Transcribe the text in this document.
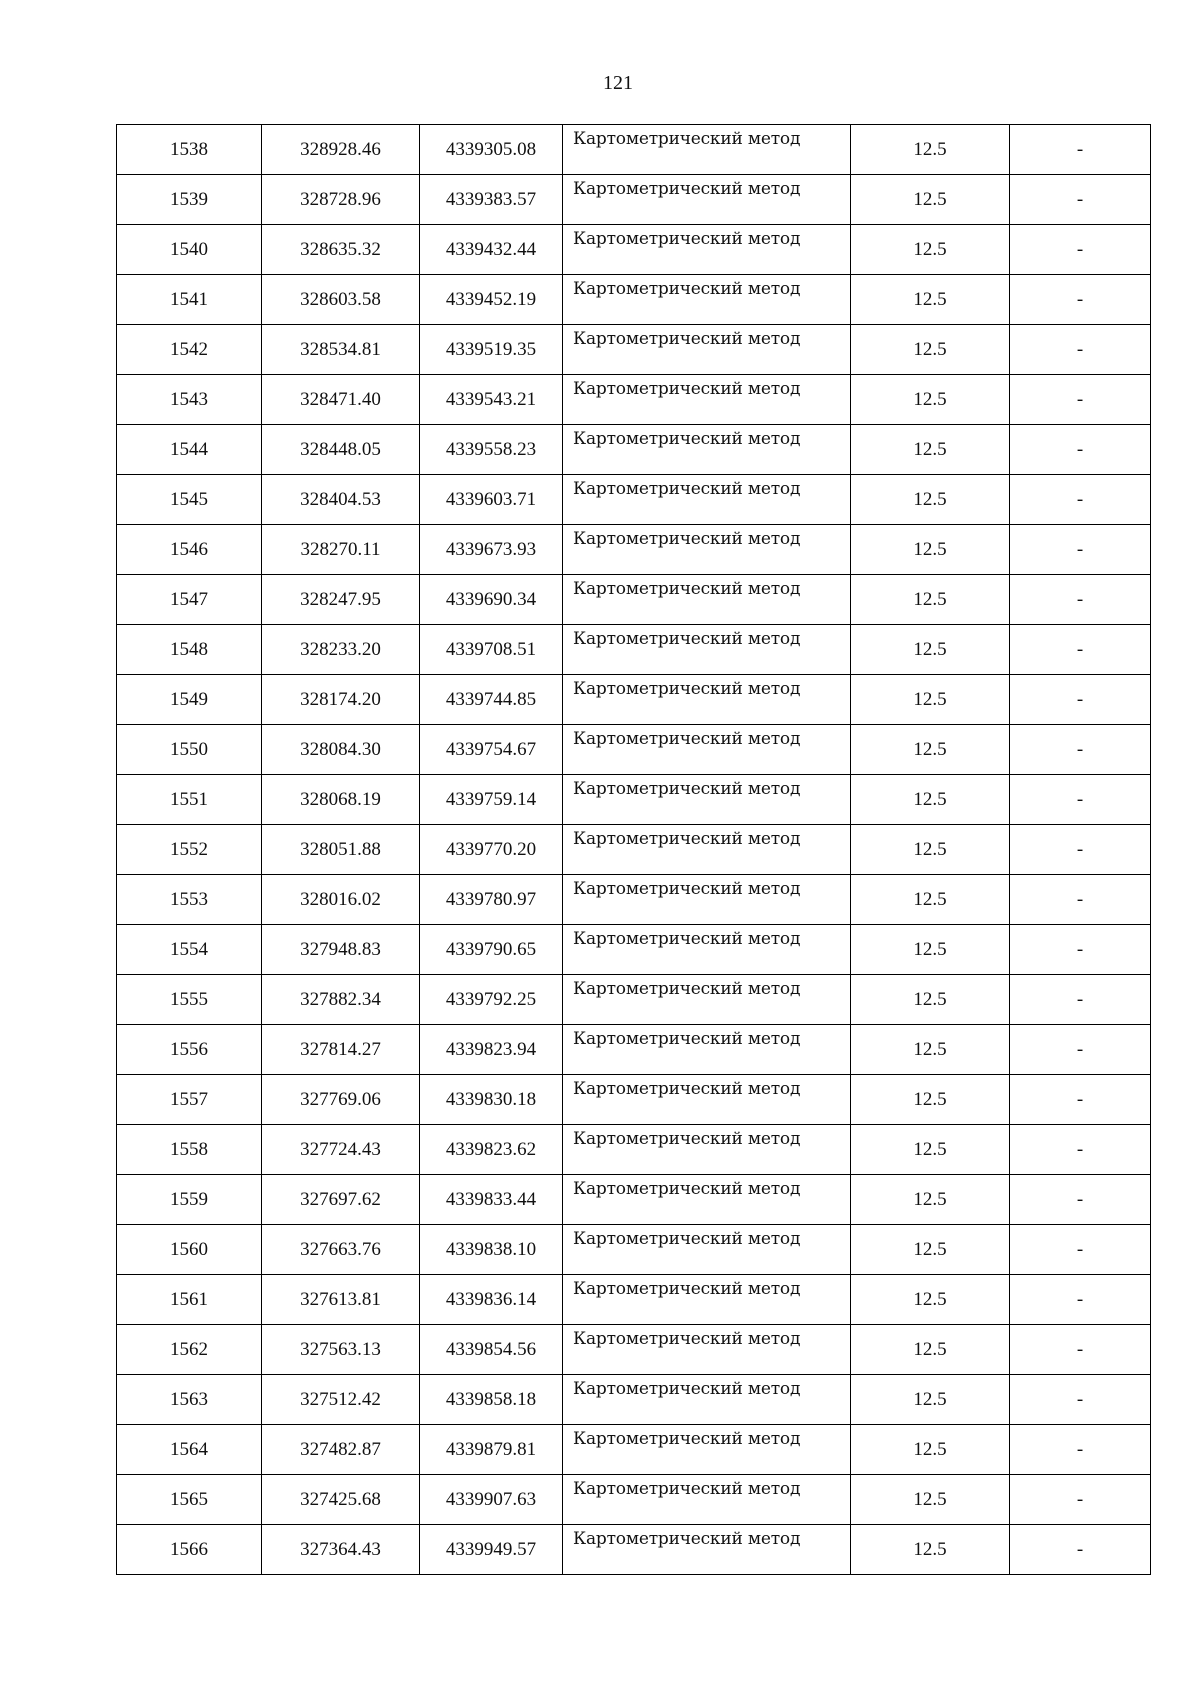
121
1538	328928.46	4339305.08	Картометрический метод	12.5	-
1539	328728.96	4339383.57	Картометрический метод	12.5	-
1540	328635.32	4339432.44	Картометрический метод	12.5	-
1541	328603.58	4339452.19	Картометрический метод	12.5	-
1542	328534.81	4339519.35	Картометрический метод	12.5	-
1543	328471.40	4339543.21	Картометрический метод	12.5	-
1544	328448.05	4339558.23	Картометрический метод	12.5	-
1545	328404.53	4339603.71	Картометрический метод	12.5	-
1546	328270.11	4339673.93	Картометрический метод	12.5	-
1547	328247.95	4339690.34	Картометрический метод	12.5	-
1548	328233.20	4339708.51	Картометрический метод	12.5	-
1549	328174.20	4339744.85	Картометрический метод	12.5	-
1550	328084.30	4339754.67	Картометрический метод	12.5	-
1551	328068.19	4339759.14	Картометрический метод	12.5	-
1552	328051.88	4339770.20	Картометрический метод	12.5	-
1553	328016.02	4339780.97	Картометрический метод	12.5	-
1554	327948.83	4339790.65	Картометрический метод	12.5	-
1555	327882.34	4339792.25	Картометрический метод	12.5	-
1556	327814.27	4339823.94	Картометрический метод	12.5	-
1557	327769.06	4339830.18	Картометрический метод	12.5	-
1558	327724.43	4339823.62	Картометрический метод	12.5	-
1559	327697.62	4339833.44	Картометрический метод	12.5	-
1560	327663.76	4339838.10	Картометрический метод	12.5	-
1561	327613.81	4339836.14	Картометрический метод	12.5	-
1562	327563.13	4339854.56	Картометрический метод	12.5	-
1563	327512.42	4339858.18	Картометрический метод	12.5	-
1564	327482.87	4339879.81	Картометрический метод	12.5	-
1565	327425.68	4339907.63	Картометрический метод	12.5	-
1566	327364.43	4339949.57	Картометрический метод	12.5	-
